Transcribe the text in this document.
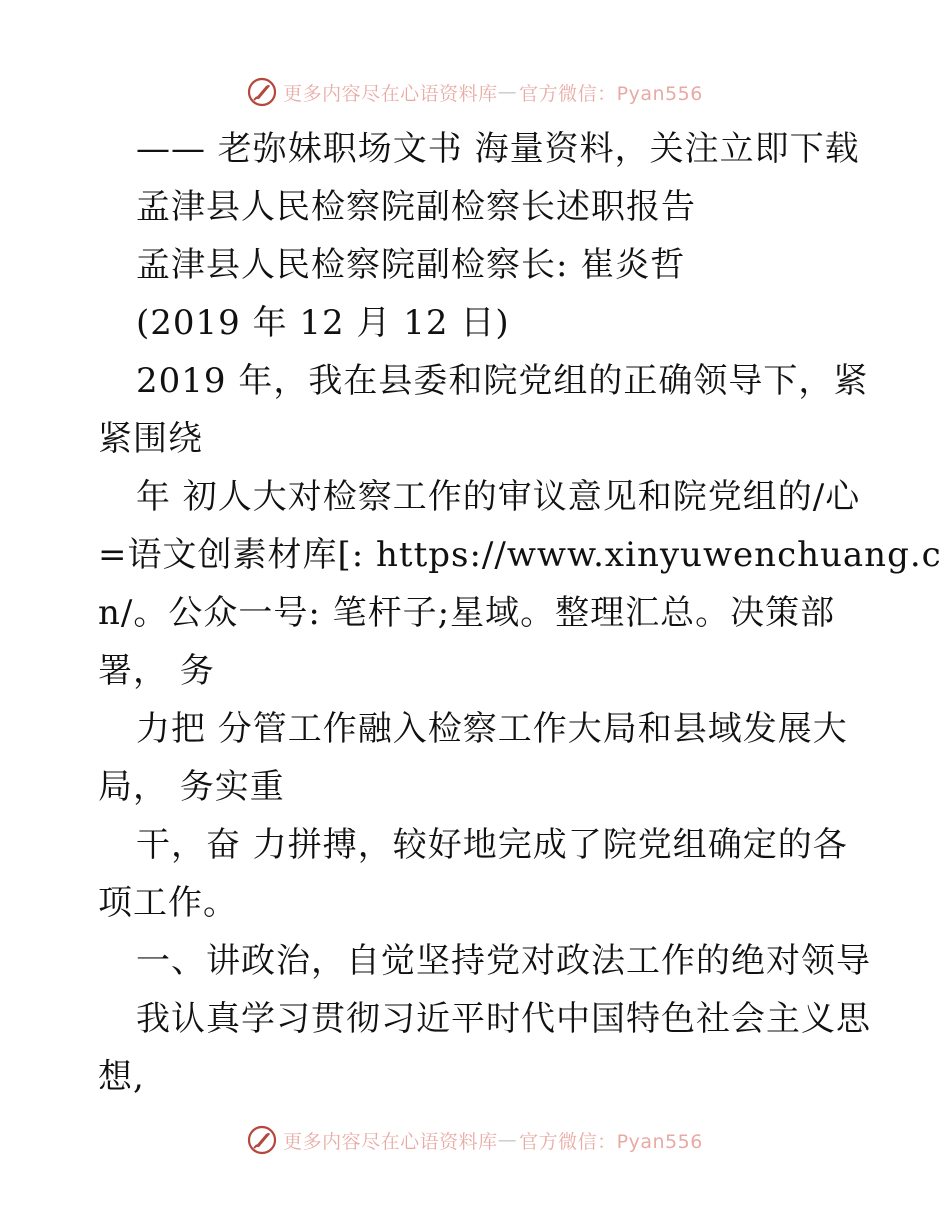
更多内容尽在心语资料库 — 官方微信：Pyan556
—— 老弥妹职场文书 海量资料，关注立即下载
孟津县人民检察院副检察长述职报告
孟津县人民检察院副检察长: 崔炎哲
(2019 年 12 月 12 日)
2019 年，我在县委和院党组的正确领导下，紧
紧围绕
年 初人大对检察工作的审议意见和院党组的/心
=语文创素材库[: https://www.xinyuwenchuang.c
n/。公众一号: 笔杆子;星域。整理汇总。决策部
署， 务
力把 分管工作融入检察工作大局和县域发展大
局， 务实重
干，奋 力拼搏，较好地完成了院党组确定的各
项工作。
一、讲政治，自觉坚持党对政法工作的绝对领导
我认真学习贯彻习近平时代中国特色社会主义思
想,
更多内容尽在心语资料库 — 官方微信：Pyan556
